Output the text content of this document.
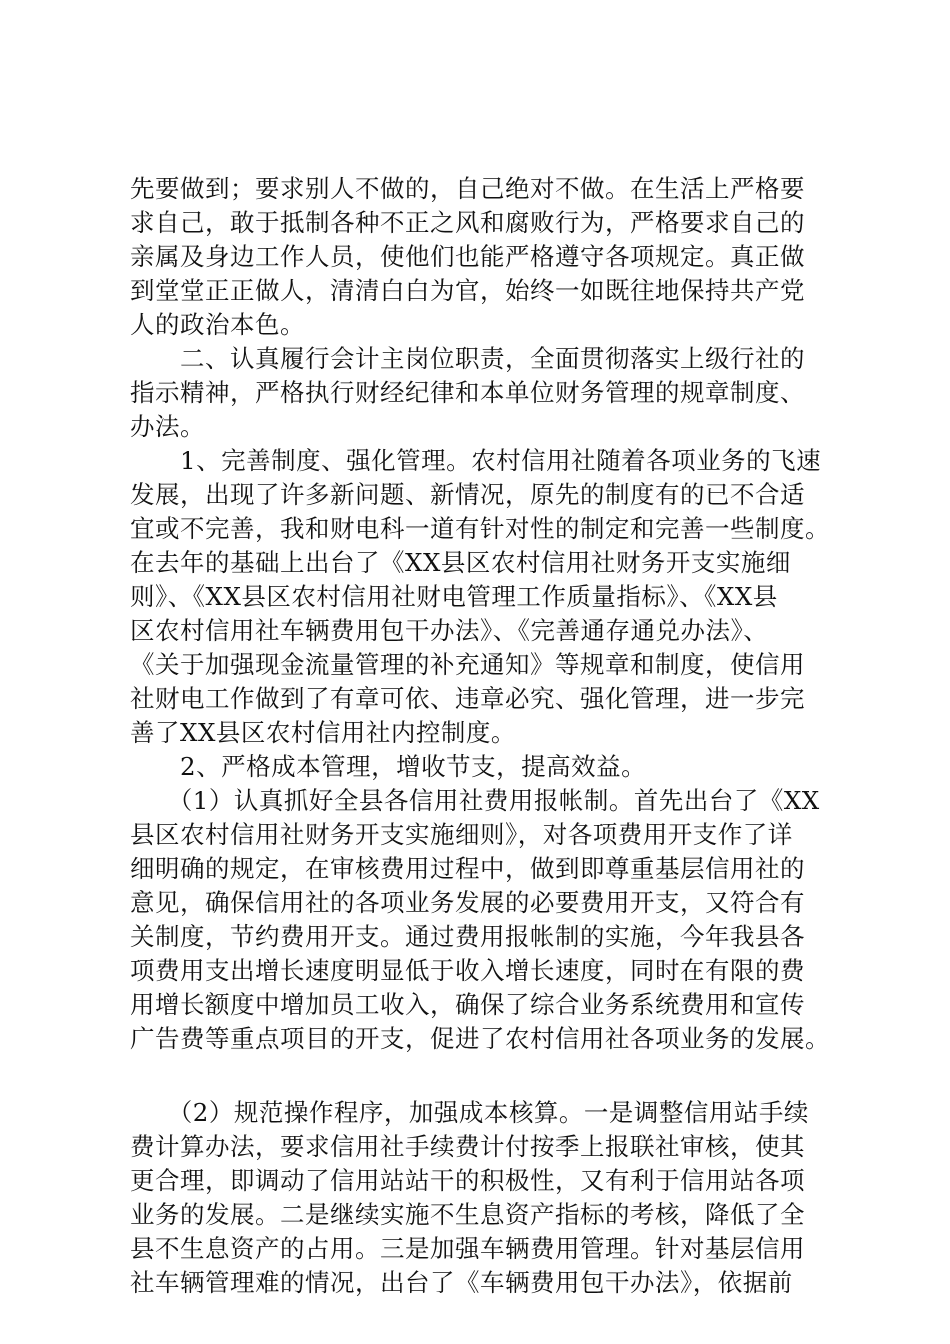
先要做到；要求别人不做的，自己绝对不做。在生活上严格要
求自己，敢于抵制各种不正之风和腐败行为，严格要求自己的
亲属及身边工作人员，使他们也能严格遵守各项规定。真正做
到堂堂正正做人，清清白白为官，始终一如既往地保持共产党
人的政治本色。
　　二、认真履行会计主岗位职责，全面贯彻落实上级行社的
指示精神，严格执行财经纪律和本单位财务管理的规章制度、
办法。
　　1、完善制度、强化管理。农村信用社随着各项业务的飞速
发展，出现了许多新问题、新情况，原先的制度有的已不合适
宜或不完善，我和财电科一道有针对性的制定和完善一些制度。
在去年的基础上出台了《XX县区农村信用社财务开支实施细
则》、《XX县区农村信用社财电管理工作质量指标》、《XX县
区农村信用社车辆费用包干办法》、《完善通存通兑办法》、
《关于加强现金流量管理的补充通知》等规章和制度，使信用
社财电工作做到了有章可依、违章必究、强化管理，进一步完
善了XX县区农村信用社内控制度。
　　2、严格成本管理，增收节支，提高效益。
　　（1）认真抓好全县各信用社费用报帐制。首先出台了《XX
县区农村信用社财务开支实施细则》，对各项费用开支作了详
细明确的规定，在审核费用过程中，做到即尊重基层信用社的
意见，确保信用社的各项业务发展的必要费用开支，又符合有
关制度，节约费用开支。通过费用报帐制的实施，今年我县各
项费用支出增长速度明显低于收入增长速度，同时在有限的费
用增长额度中增加员工收入，确保了综合业务系统费用和宣传
广告费等重点项目的开支，促进了农村信用社各项业务的发展。
　　（2）规范操作程序，加强成本核算。一是调整信用站手续
费计算办法，要求信用社手续费计付按季上报联社审核，使其
更合理，即调动了信用站站干的积极性，又有利于信用站各项
业务的发展。二是继续实施不生息资产指标的考核，降低了全
县不生息资产的占用。三是加强车辆费用管理。针对基层信用
社车辆管理难的情况，出台了《车辆费用包干办法》，依据前
